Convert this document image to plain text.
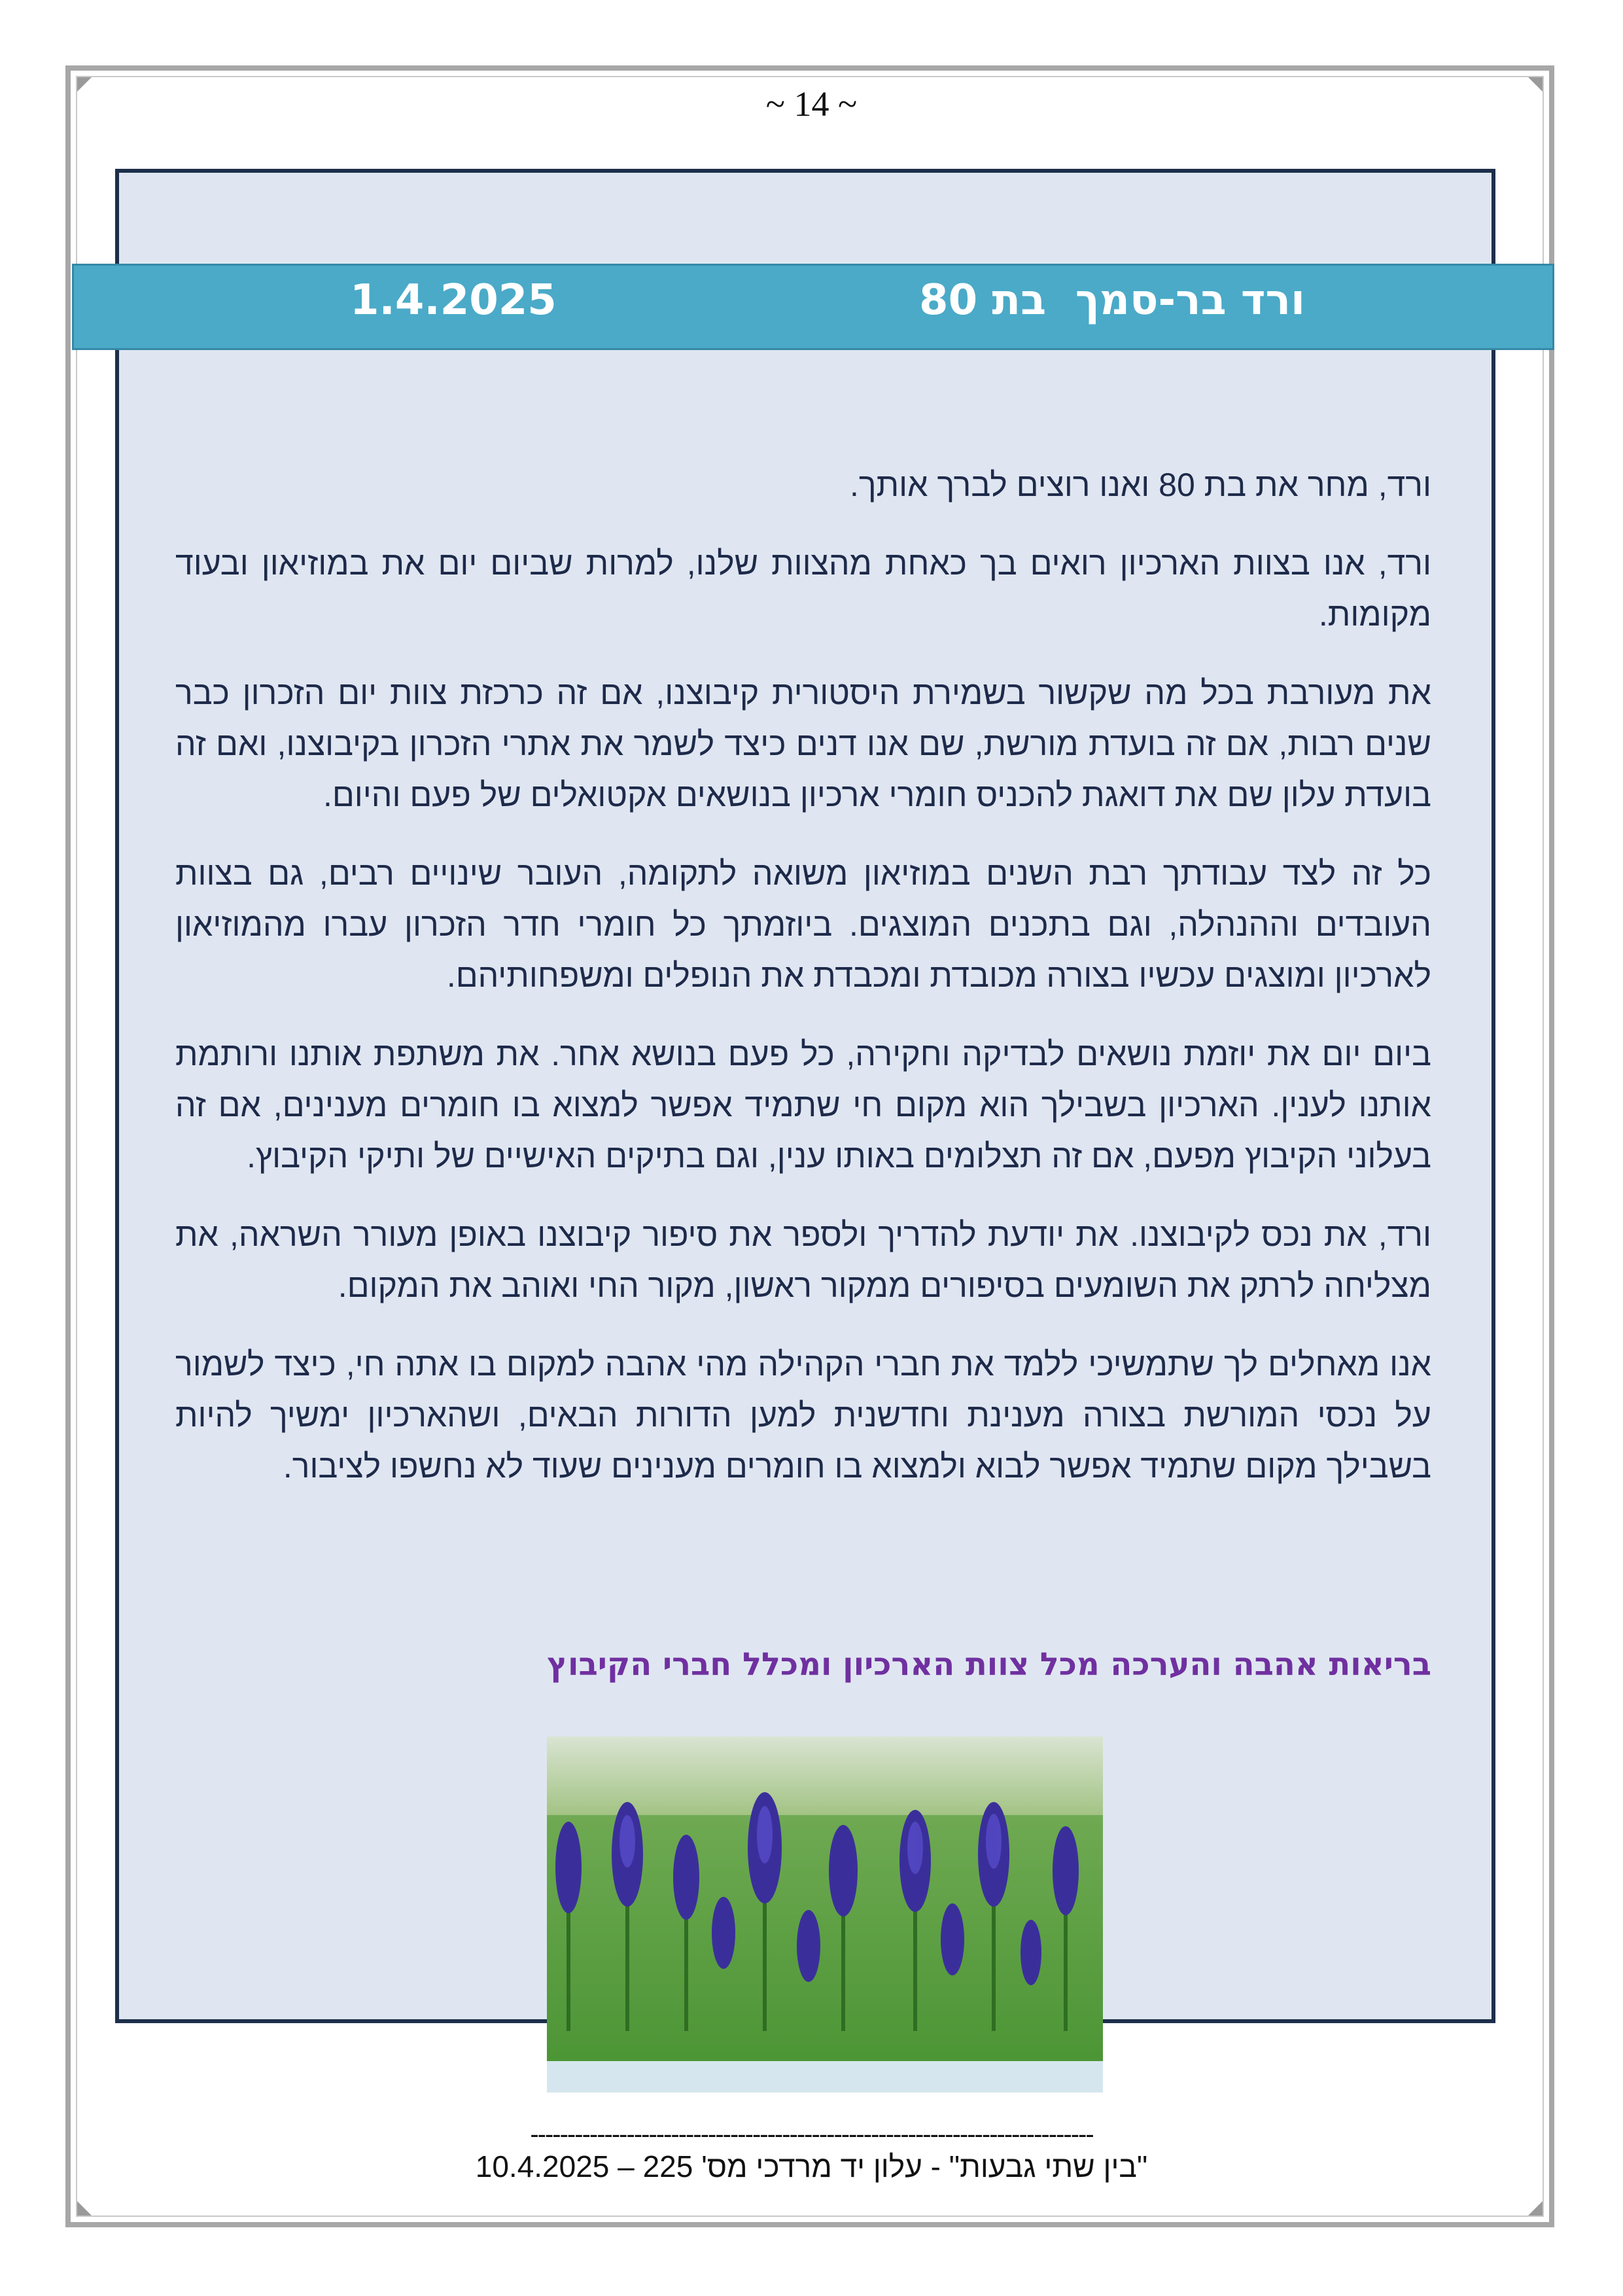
~ 14 ~
ורד בר-סמך  בת 80
1.4.2025

ורד, מחר את בת 80 ואנו רוצים לברך אותך.

ורד, אנו בצוות הארכיון רואים בך כאחת מהצוות שלנו, למרות שביום יום את במוזיאון ובעוד מקומות.

את מעורבת בכל מה שקשור בשמירת היסטורית קיבוצנו, אם זה כרכזת צוות יום הזכרון כבר שנים רבות, אם זה בועדת מורשת, שם אנו דנים כיצד לשמר את אתרי הזכרון בקיבוצנו, ואם זה בועדת עלון שם את דואגת להכניס חומרי ארכיון בנושאים אקטואלים של פעם והיום.

כל זה לצד עבודתך רבת השנים במוזיאון משואה לתקומה, העובר שינויים רבים, גם בצוות העובדים וההנהלה, וגם בתכנים המוצגים. ביוזמתך כל חומרי חדר הזכרון עברו מהמוזיאון לארכיון ומוצגים עכשיו בצורה מכובדת ומכבדת את הנופלים ומשפחותיהם.

ביום יום את יוזמת נושאים לבדיקה וחקירה, כל פעם בנושא אחר. את משתפת אותנו ורותמת אותנו לענין. הארכיון בשבילך הוא מקום חי שתמיד אפשר למצוא בו חומרים מענינים, אם זה בעלוני הקיבוץ מפעם, אם זה תצלומים באותו ענין, וגם בתיקים האישיים של ותיקי הקיבוץ.

ורד, את נכס לקיבוצנו. את יודעת להדריך ולספר את סיפור קיבוצנו באופן מעורר השראה, את מצליחה לרתק את השומעים בסיפורים ממקור ראשון, מקור החי ואוהב את המקום.

אנו מאחלים לך שתמשיכי ללמד את חברי הקהילה מהי אהבה למקום בו אתה חי, כיצד לשמור על נכסי המורשת בצורה מענינת וחדשנית למען הדורות הבאים, ושהארכיון ימשיך להיות בשבילך מקום שתמיד אפשר לבוא ולמצוא בו חומרים מענינים שעוד לא נחשפו לציבור.

בריאות אהבה והערכה מכל צוות הארכיון ומכלל חברי הקיבוץ
----------------------------------------------------------------------------
"בין שתי גבעות" - עלון יד מרדכי מס' 225 – 10.4.2025
